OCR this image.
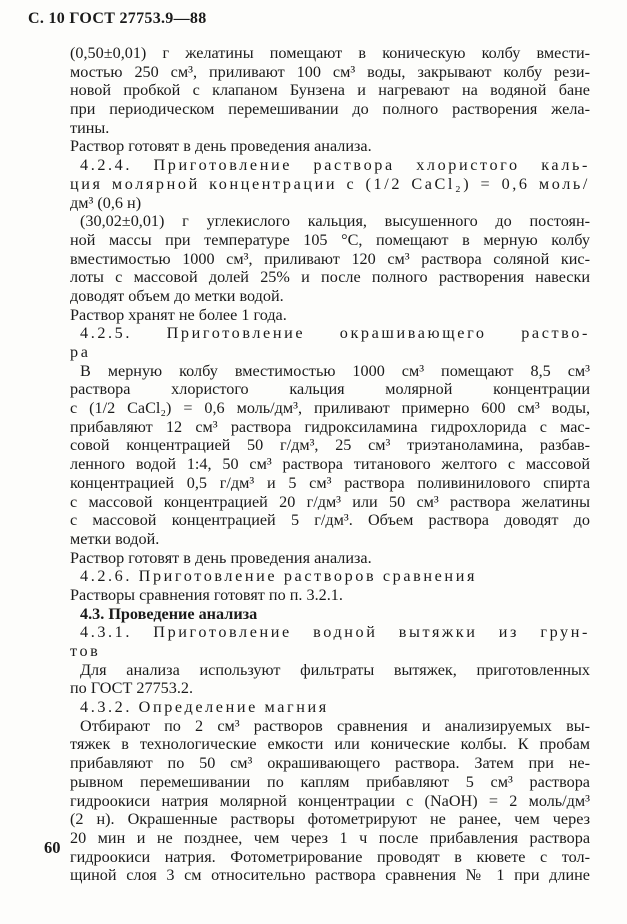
С. 10 ГОСТ 27753.9—88
(0,50±0,01) г желатины помещают в коническую колбу вмести-
мостью 250 см³, приливают 100 см³ воды, закрывают колбу рези-
новой пробкой с клапаном Бунзена и нагревают на водяной бане
при периодическом перемешивании до полного растворения жела-
тины.
Раствор готовят в день проведения анализа.
4.2.4. Приготовление раствора хлористого каль-
ция молярной концентрации c (1/2 CaCl₂) = 0,6 моль/
дм³ (0,6 н)
(30,02±0,01) г углекислого кальция, высушенного до постоян-
ной массы при температуре 105 °C, помещают в мерную колбу
вместимостью 1000 см³, приливают 120 см³ раствора соляной кис-
лоты с массовой долей 25% и после полного растворения навески
доводят объем до метки водой.
Раствор хранят не более 1 года.
4.2.5. Приготовление окрашивающего раство-
ра
В мерную колбу вместимостью 1000 см³ помещают 8,5 см³
раствора хлористого кальция молярной концентрации
c (1/2 CaCl₂) = 0,6 моль/дм³, приливают примерно 600 см³ воды,
прибавляют 12 см³ раствора гидроксиламина гидрохлорида с мас-
совой концентрацией 50 г/дм³, 25 см³ триэтаноламина, разбав-
ленного водой 1:4, 50 см³ раствора титанового желтого с массовой
концентрацией 0,5 г/дм³ и 5 см³ раствора поливинилового спирта
с массовой концентрацией 20 г/дм³ или 50 см³ раствора желатины
с массовой концентрацией 5 г/дм³. Объем раствора доводят до
метки водой.
Раствор готовят в день проведения анализа.
4.2.6. Приготовление растворов сравнения
Растворы сравнения готовят по п. 3.2.1.
4.3. Проведение анализа
4.3.1. Приготовление водной вытяжки из грун-
тов
Для анализа используют фильтраты вытяжек, приготовленных
по ГОСТ 27753.2.
4.3.2. Определение магния
Отбирают по 2 см³ растворов сравнения и анализируемых вы-
тяжек в технологические емкости или конические колбы. К пробам
прибавляют по 50 см³ окрашивающего раствора. Затем при не-
рывном перемешивании по каплям прибавляют 5 см³ раствора
гидроокиси натрия молярной концентрации c (NaOH) = 2 моль/дм³
(2 н). Окрашенные растворы фотометрируют не ранее, чем через
20 мин и не позднее, чем через 1 ч после прибавления раствора
гидроокиси натрия. Фотометрирование проводят в кювете с тол-
щиной слоя 3 см относительно раствора сравнения № 1 при длине
60
